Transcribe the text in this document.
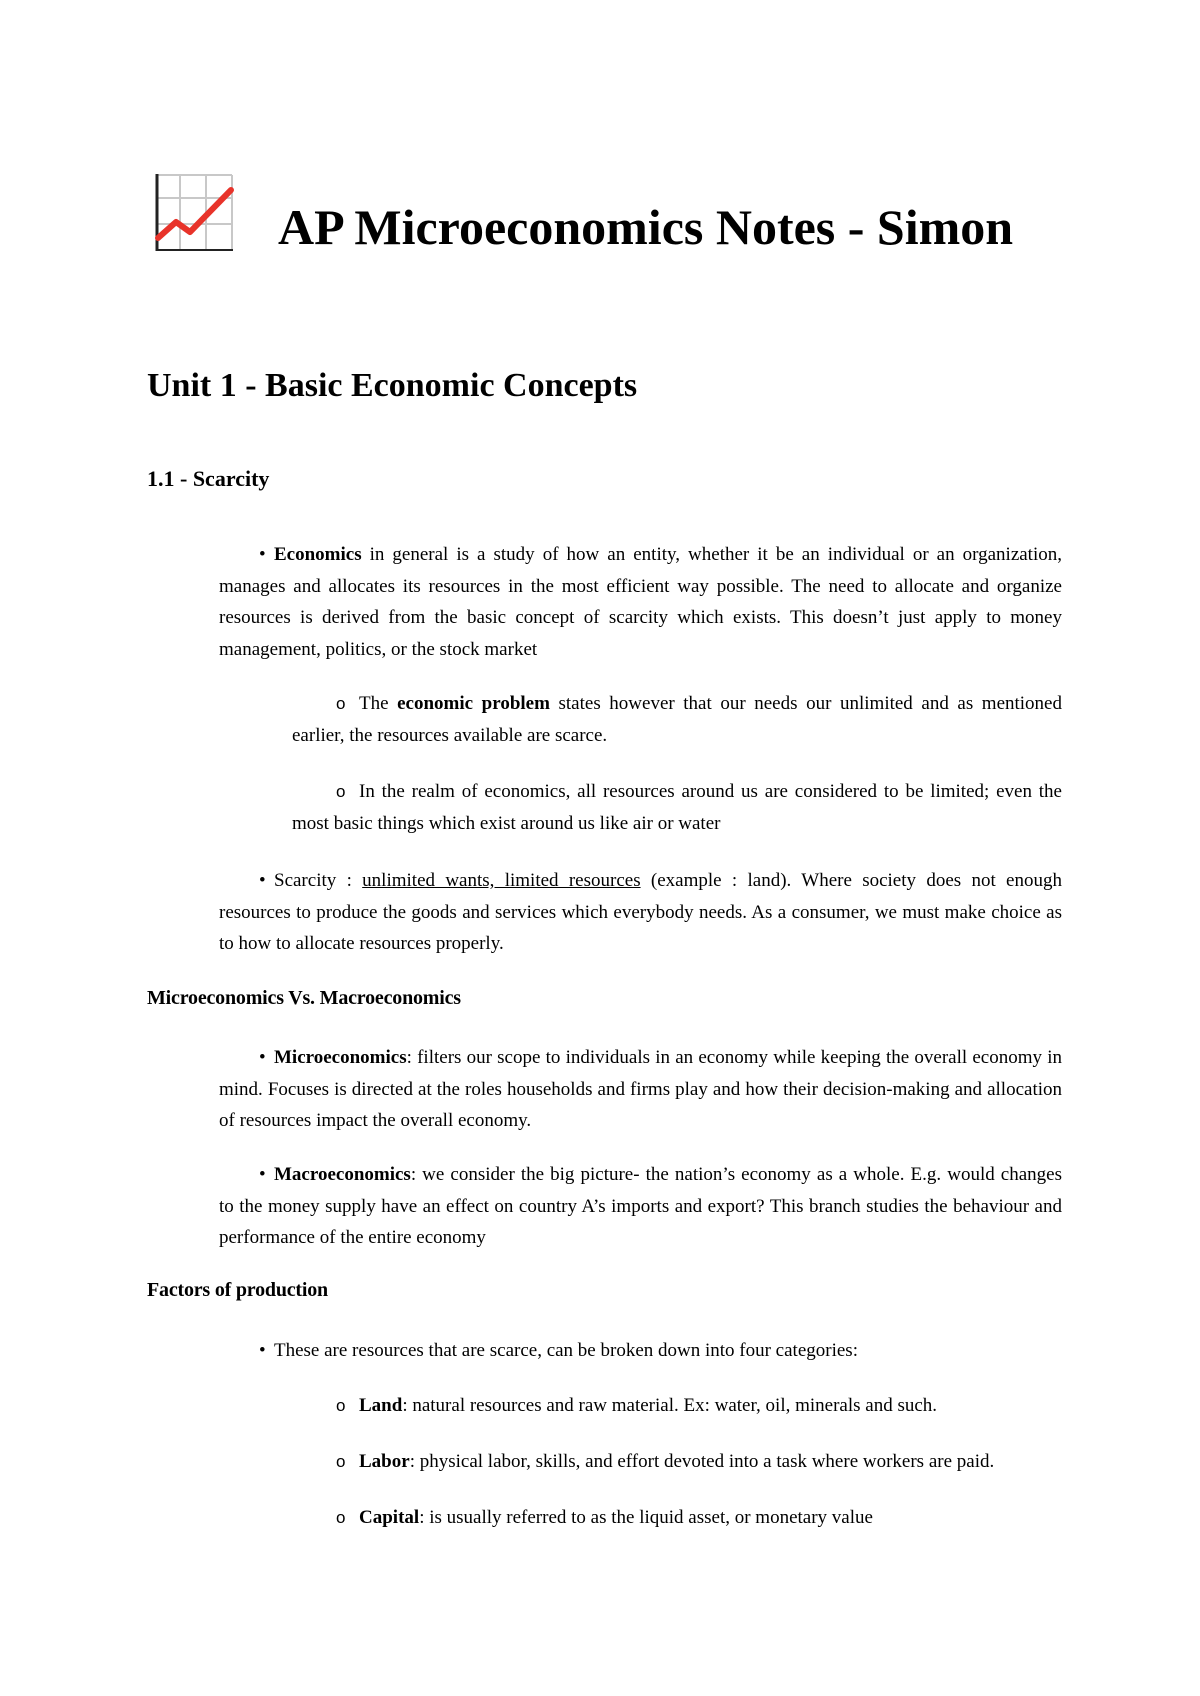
AP Microeconomics Notes - Simon
Unit 1 - Basic Economic Concepts
1.1 - Scarcity

• Economics in general is a study of how an entity, whether it be an individual or an organization, manages and allocates its resources in the most efficient way possible. The need to allocate and organize resources is derived from the basic concept of scarcity which exists. This doesn’t just apply to money management, politics, or the stock market

o The economic problem states however that our needs our unlimited and as mentioned earlier, the resources available are scarce.

o In the realm of economics, all resources around us are considered to be limited; even the most basic things which exist around us like air or water

• Scarcity : unlimited wants, limited resources (example : land). Where society does not enough resources to produce the goods and services which everybody needs. As a consumer, we must make choice as to how to allocate resources properly.

Microeconomics Vs. Macroeconomics

• Microeconomics: filters our scope to individuals in an economy while keeping the overall economy in mind. Focuses is directed at the roles households and firms play and how their decision-making and allocation of resources impact the overall economy.

• Macroeconomics: we consider the big picture- the nation’s economy as a whole. E.g. would changes to the money supply have an effect on country A’s imports and export? This branch studies the behaviour and performance of the entire economy

Factors of production

• These are resources that are scarce, can be broken down into four categories:

o Land: natural resources and raw material. Ex: water, oil, minerals and such.

o Labor: physical labor, skills, and effort devoted into a task where workers are paid.

o Capital: is usually referred to as the liquid asset, or monetary value
